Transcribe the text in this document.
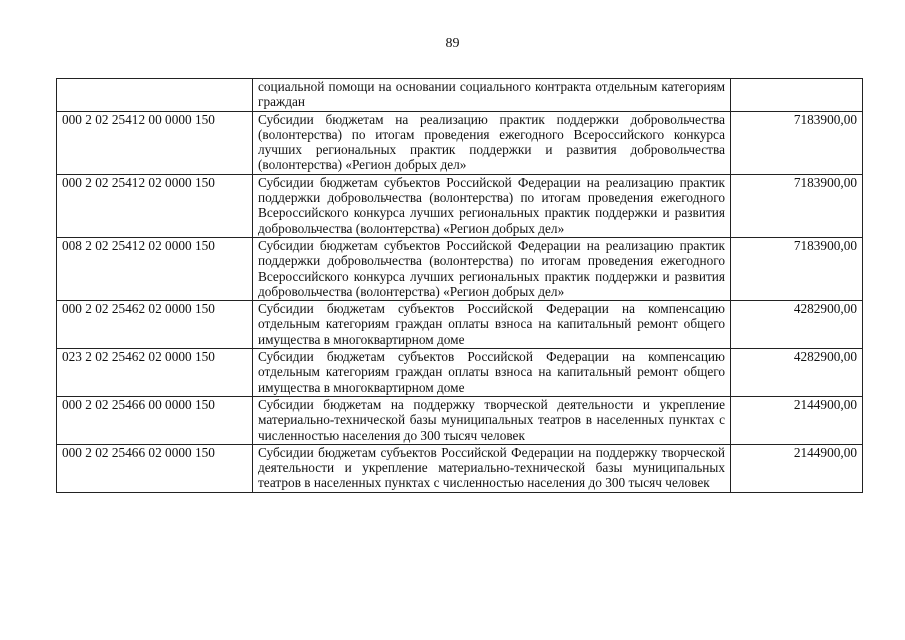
89
	социальной помощи на основании социального контракта отдельным категориям граждан	
000 2 02 25412 00 0000 150	Субсидии бюджетам на реализацию практик поддержки добровольчества (волонтерства) по итогам проведения ежегодного Всероссийского конкурса лучших региональных практик поддержки и развития добровольчества (волонтерства) «Регион добрых дел»	7183900,00
000 2 02 25412 02 0000 150	Субсидии бюджетам субъектов Российской Федерации на реализацию практик поддержки добровольчества (волонтерства) по итогам проведения ежегодного Всероссийского конкурса лучших региональных практик поддержки и развития добровольчества (волонтерства) «Регион добрых дел»	7183900,00
008 2 02 25412 02 0000 150	Субсидии бюджетам субъектов Российской Федерации на реализацию практик поддержки добровольчества (волонтерства) по итогам проведения ежегодного Всероссийского конкурса лучших региональных практик поддержки и развития добровольчества (волонтерства) «Регион добрых дел»	7183900,00
000 2 02 25462 02 0000 150	Субсидии бюджетам субъектов Российской Федерации на компенсацию отдельным категориям граждан оплаты взноса на капитальный ремонт общего имущества в многоквартирном доме	4282900,00
023 2 02 25462 02 0000 150	Субсидии бюджетам субъектов Российской Федерации на компенсацию отдельным категориям граждан оплаты взноса на капитальный ремонт общего имущества в многоквартирном доме	4282900,00
000 2 02 25466 00 0000 150	Субсидии бюджетам на поддержку творческой деятельности и укрепление материально-технической базы муниципальных театров в населенных пунктах с численностью населения до 300 тысяч человек	2144900,00
000 2 02 25466 02 0000 150	Субсидии бюджетам субъектов Российской Федерации на поддержку творческой деятельности и укрепление материально-технической базы муниципальных театров в населенных пунктах с численностью населения до 300 тысяч человек	2144900,00
